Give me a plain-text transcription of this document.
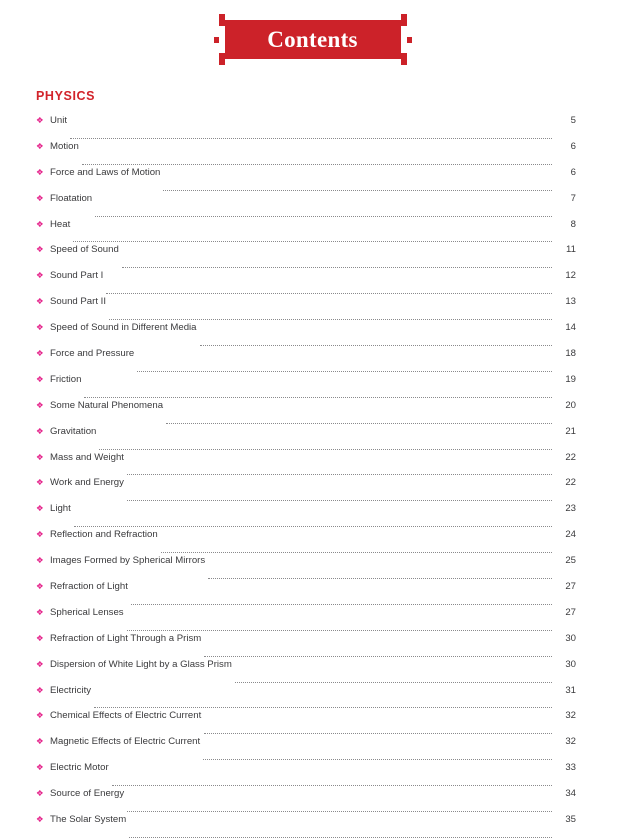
Contents
PHYSICS
❖ Unit	5
❖ Motion	6
❖ Force and Laws of Motion	6
❖ Floatation	7
❖ Heat	8
❖ Speed of Sound	11
❖ Sound Part I	12
❖ Sound Part II	13
❖ Speed of Sound in Different Media	14
❖ Force and Pressure	18
❖ Friction	19
❖ Some Natural Phenomena	20
❖ Gravitation	21
❖ Mass and Weight	22
❖ Work and Energy	22
❖ Light	23
❖ Reflection and Refraction	24
❖ Images Formed by Spherical Mirrors	25
❖ Refraction of Light	27
❖ Spherical Lenses	27
❖ Refraction of Light Through a Prism	30
❖ Dispersion of White Light by a Glass Prism	30
❖ Electricity	31
❖ Chemical Effects of Electric Current	32
❖ Magnetic Effects of Electric Current	32
❖ Electric Motor	33
❖ Source of Energy	34
❖ The Solar System	35
